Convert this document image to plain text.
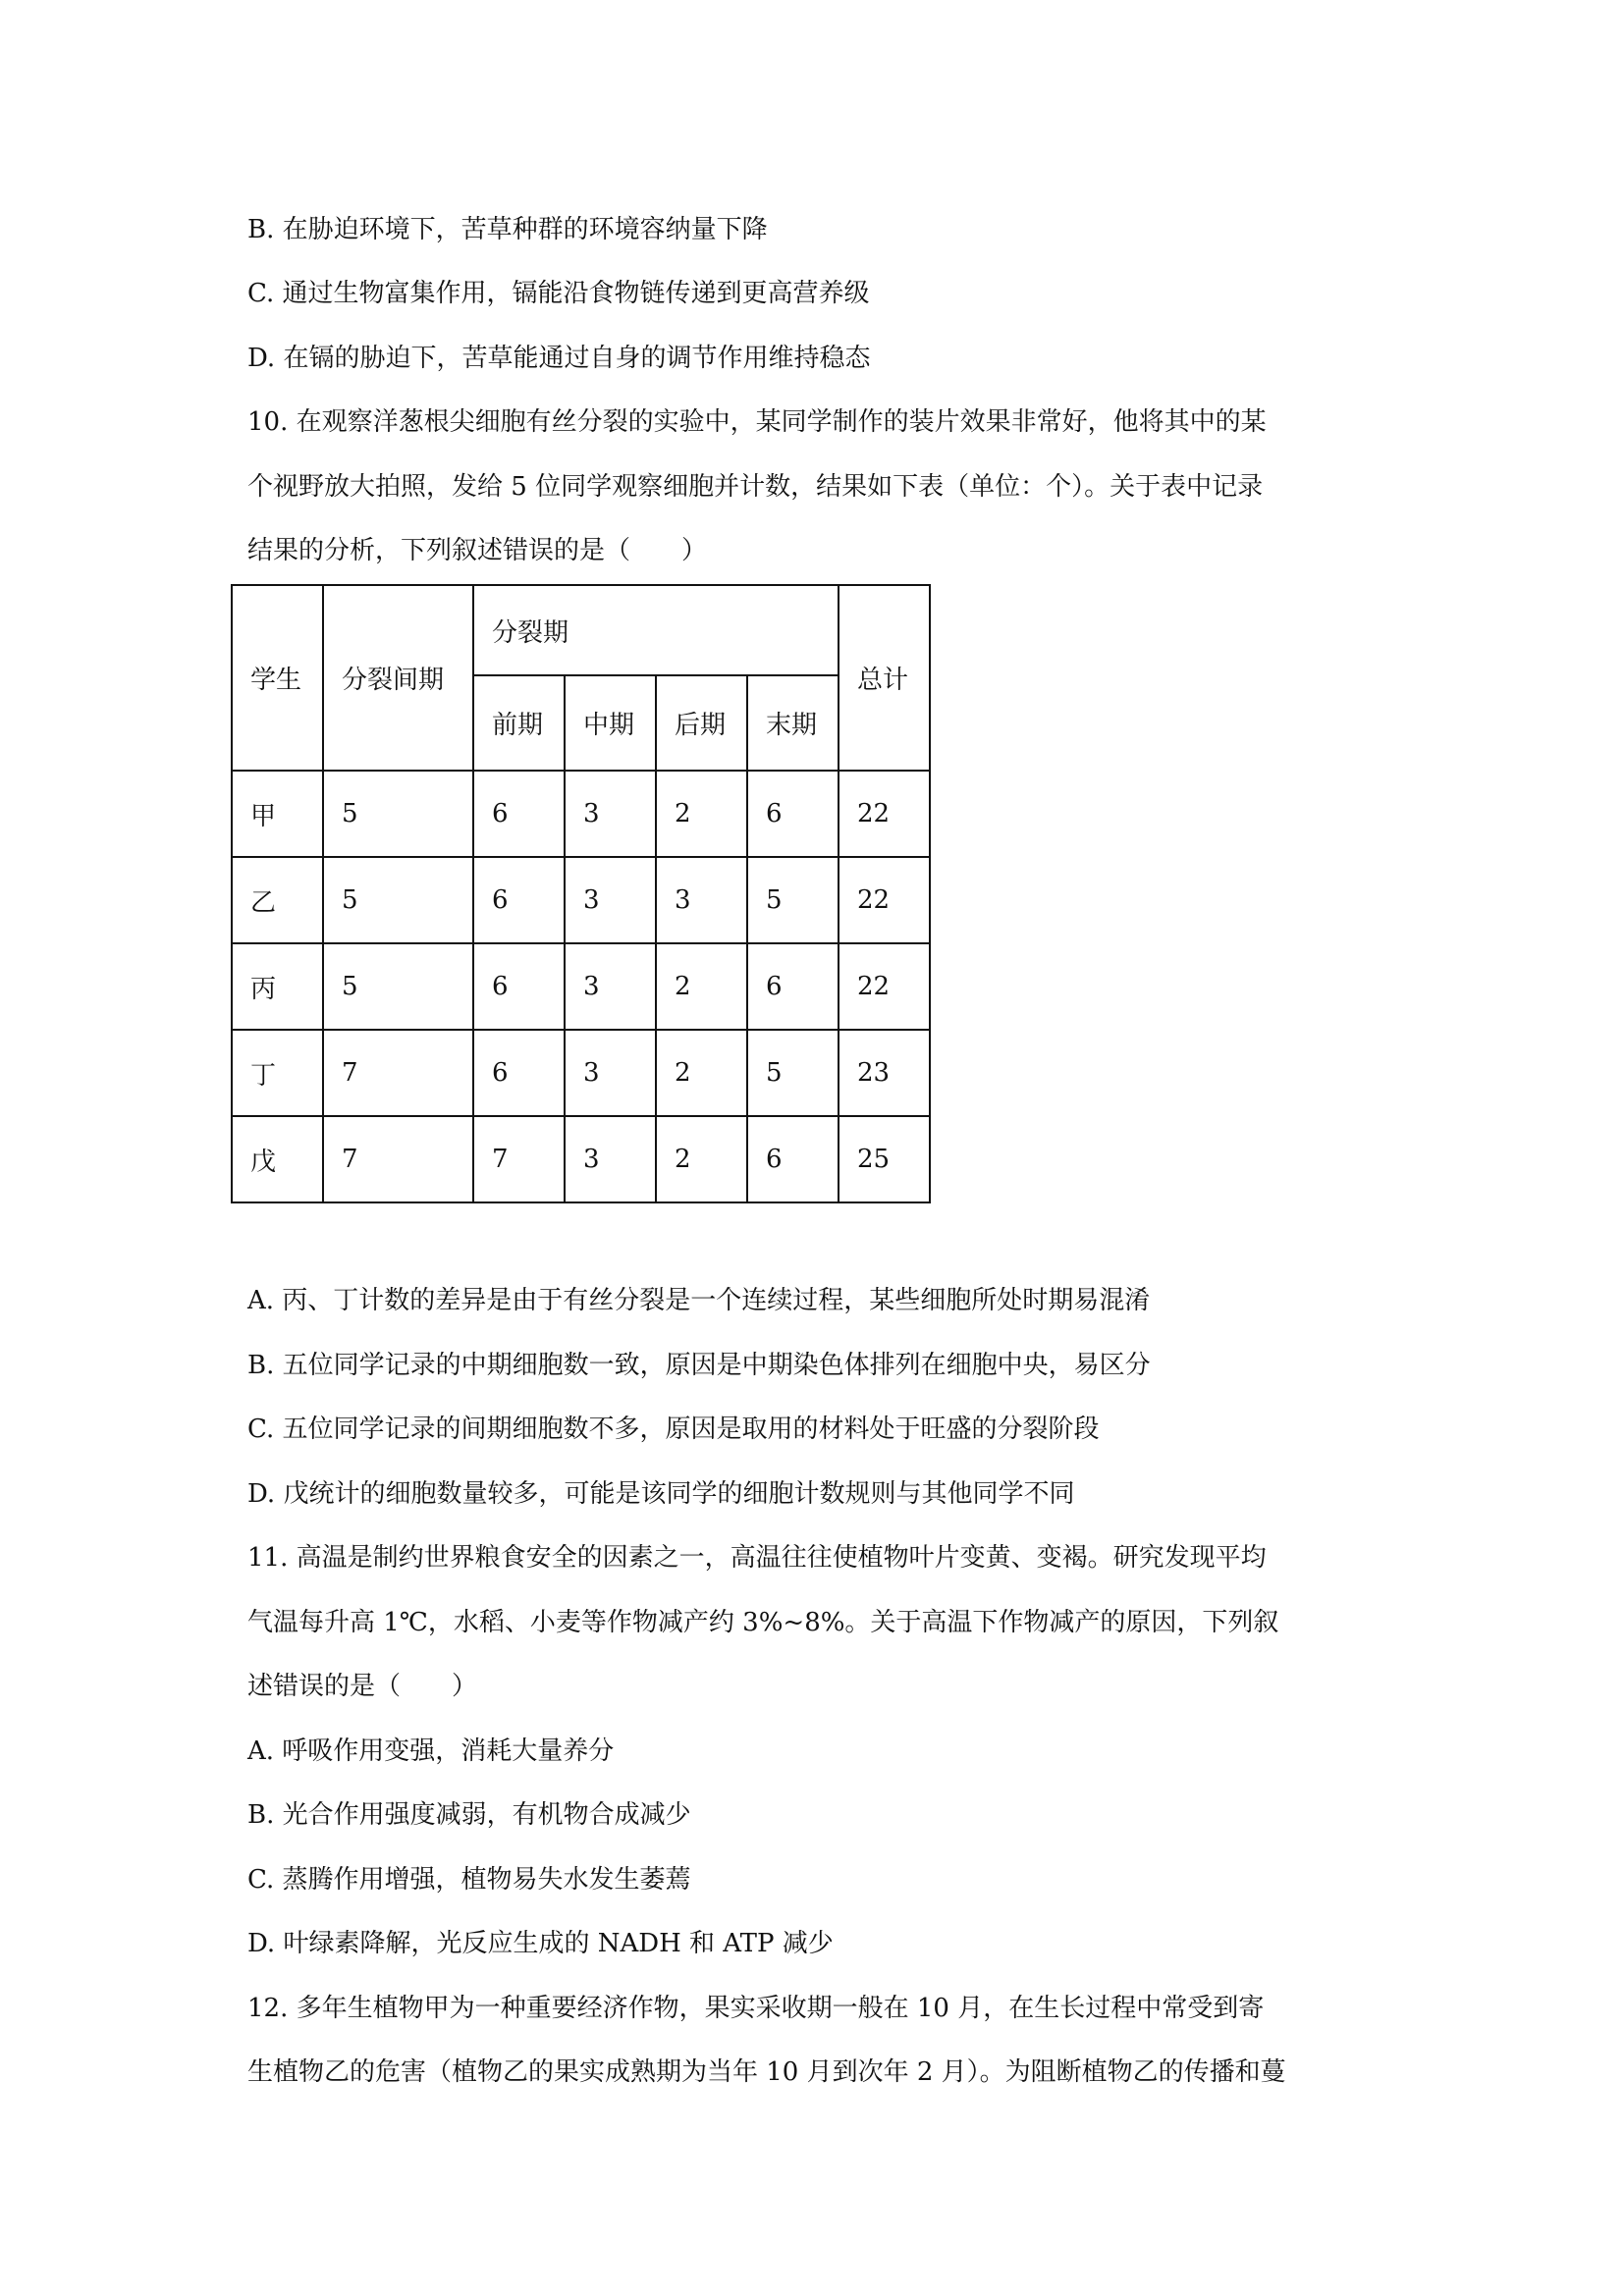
B. 在胁迫环境下，苦草种群的环境容纳量下降
C. 通过生物富集作用，镉能沿食物链传递到更高营养级
D. 在镉的胁迫下，苦草能通过自身的调节作用维持稳态
10. 在观察洋葱根尖细胞有丝分裂的实验中，某同学制作的装片效果非常好，他将其中的某
个视野放大拍照，发给 5 位同学观察细胞并计数，结果如下表（单位：个）。关于表中记录
结果的分析，下列叙述错误的是（　　）
学生	分裂间期	分裂期				总计
		前期	中期	后期	末期	
甲	5	6	3	2	6	22
乙	5	6	3	3	5	22
丙	5	6	3	2	6	22
丁	7	6	3	2	5	23
戊	7	7	3	2	6	25
A. 丙、丁计数的差异是由于有丝分裂是一个连续过程，某些细胞所处时期易混淆
B. 五位同学记录的中期细胞数一致，原因是中期染色体排列在细胞中央，易区分
C. 五位同学记录的间期细胞数不多，原因是取用的材料处于旺盛的分裂阶段
D. 戊统计的细胞数量较多，可能是该同学的细胞计数规则与其他同学不同
11. 高温是制约世界粮食安全的因素之一，高温往往使植物叶片变黄、变褐。研究发现平均
气温每升高 1℃，水稻、小麦等作物减产约 3%~8%。关于高温下作物减产的原因，下列叙
述错误的是（　　）
A. 呼吸作用变强，消耗大量养分
B. 光合作用强度减弱，有机物合成减少
C. 蒸腾作用增强，植物易失水发生萎蔫
D. 叶绿素降解，光反应生成的 NADH 和 ATP 减少
12. 多年生植物甲为一种重要经济作物，果实采收期一般在 10 月，在生长过程中常受到寄
生植物乙的危害（植物乙的果实成熟期为当年 10 月到次年 2 月）。为阻断植物乙的传播和蔓
